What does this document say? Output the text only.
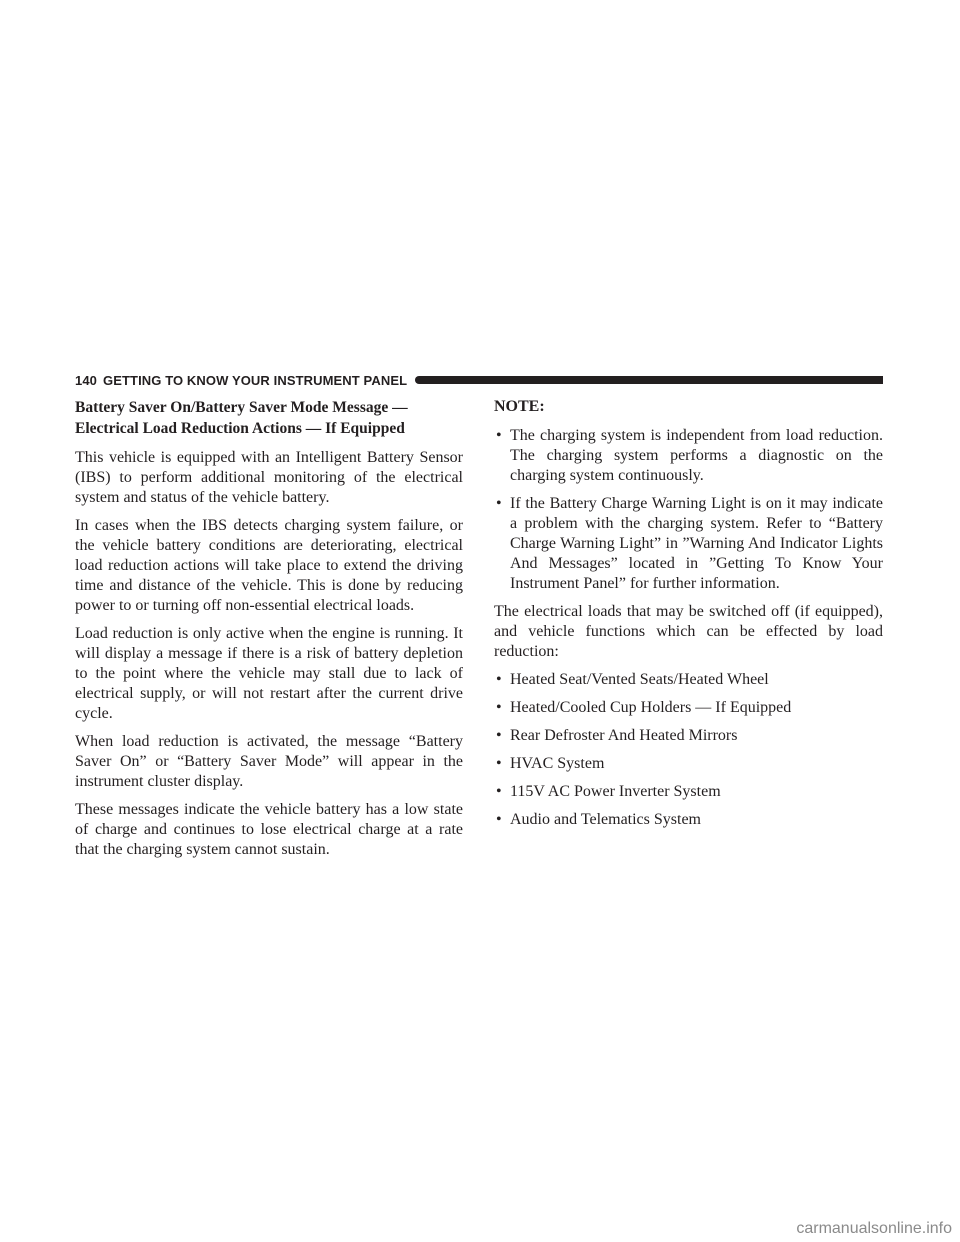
140 GETTING TO KNOW YOUR INSTRUMENT PANEL
Battery Saver On/Battery Saver Mode Message — Electrical Load Reduction Actions — If Equipped

This vehicle is equipped with an Intelligent Battery Sensor (IBS) to perform additional monitoring of the electrical system and status of the vehicle battery.

In cases when the IBS detects charging system failure, or the vehicle battery conditions are deteriorating, electrical load reduction actions will take place to extend the driving time and distance of the vehicle. This is done by reducing power to or turning off non-essential electrical loads.

Load reduction is only active when the engine is running. It will display a message if there is a risk of battery depletion to the point where the vehicle may stall due to lack of electrical supply, or will not restart after the current drive cycle.

When load reduction is activated, the message “Battery Saver On” or “Battery Saver Mode” will appear in the instrument cluster display.

These messages indicate the vehicle battery has a low state of charge and continues to lose electrical charge at a rate that the charging system cannot sustain.

NOTE:
• The charging system is independent from load reduction. The charging system performs a diagnostic on the charging system continuously.
• If the Battery Charge Warning Light is on it may indicate a problem with the charging system. Refer to “Battery Charge Warning Light” in ”Warning And Indicator Lights And Messages” located in ”Getting To Know Your Instrument Panel” for further information.

The electrical loads that may be switched off (if equipped), and vehicle functions which can be effected by load reduction:

• Heated Seat/Vented Seats/Heated Wheel
• Heated/Cooled Cup Holders — If Equipped
• Rear Defroster And Heated Mirrors
• HVAC System
• 115V AC Power Inverter System
• Audio and Telematics System
carmanualsonline.info
